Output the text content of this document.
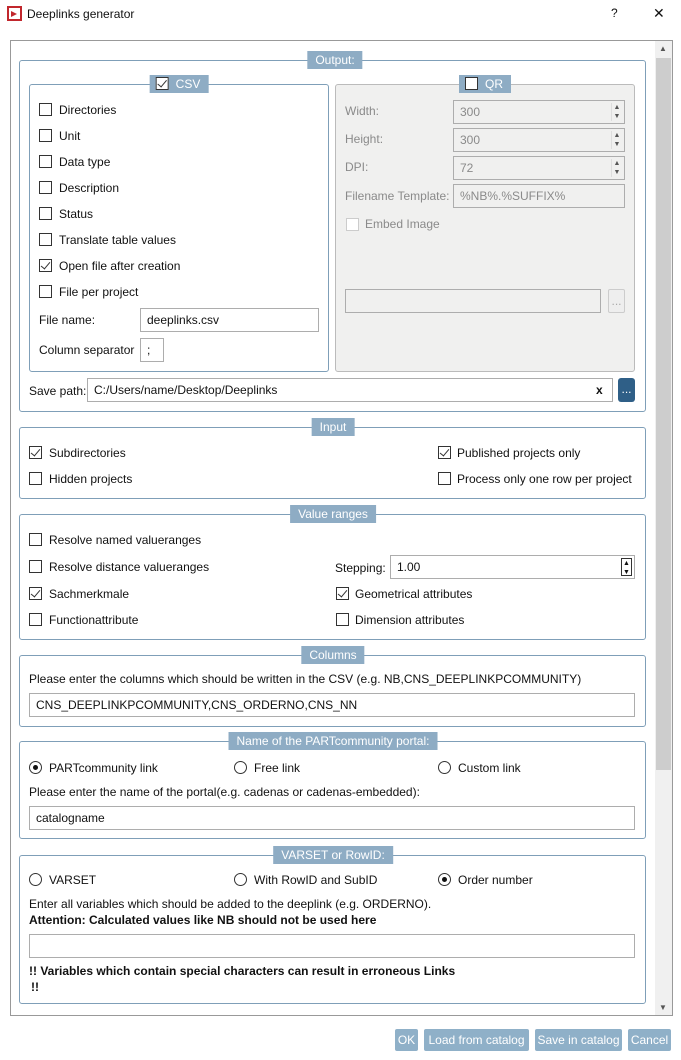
Deeplinks generator	?	✕
▲
▼
Output:
CSV
Directories
Unit
Data type
Description
Status
Translate table values
Open file after creation
File per project
File name:	deeplinks.csv
Column separator	;
QR
Width:	300	▲
▼
Height:	300	▲
▼
DPI:	72	▲
▼
Filename Template: %NB%.%SUFFIX%
Embed Image
...
Save path: C:/Users/name/Desktop/Deeplinks	x ...
Input
Subdirectories
Hidden projects
Published projects only
Process only one row per project
Value ranges
Resolve named valueranges
Resolve distance valueranges	Stepping: 1.00	▲
▼
Sachmerkmale	Geometrical attributes
Functionattribute	Dimension attributes
Columns
Please enter the columns which should be written in the CSV (e.g. NB,CNS_DEEPLINKPCOMMUNITY)
CNS_DEEPLINKPCOMMUNITY,CNS_ORDERNO,CNS_NN
Name of the PARTcommunity portal:
PARTcommunity link	Free link	Custom link
Please enter the name of the portal(e.g. cadenas or cadenas-embedded):
catalogname
VARSET or RowID:
VARSET	With RowID and SubID	Order number
Enter all variables which should be added to the deeplink (e.g. ORDERNO).
Attention: Calculated values like NB should not be used here
!! Variables which contain special characters can result in erroneous Links
!!
OK	Load from catalog	Save in catalog Cancel
